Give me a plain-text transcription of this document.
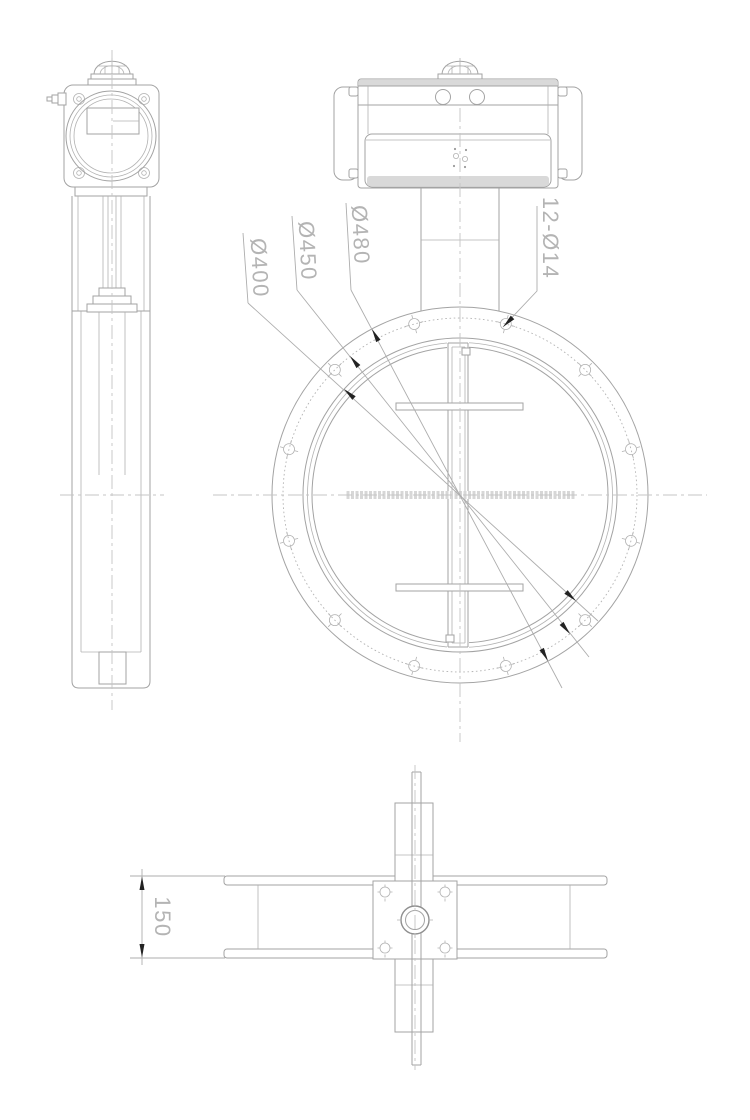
Ø400 Ø450 Ø480	12-Ø14
150
